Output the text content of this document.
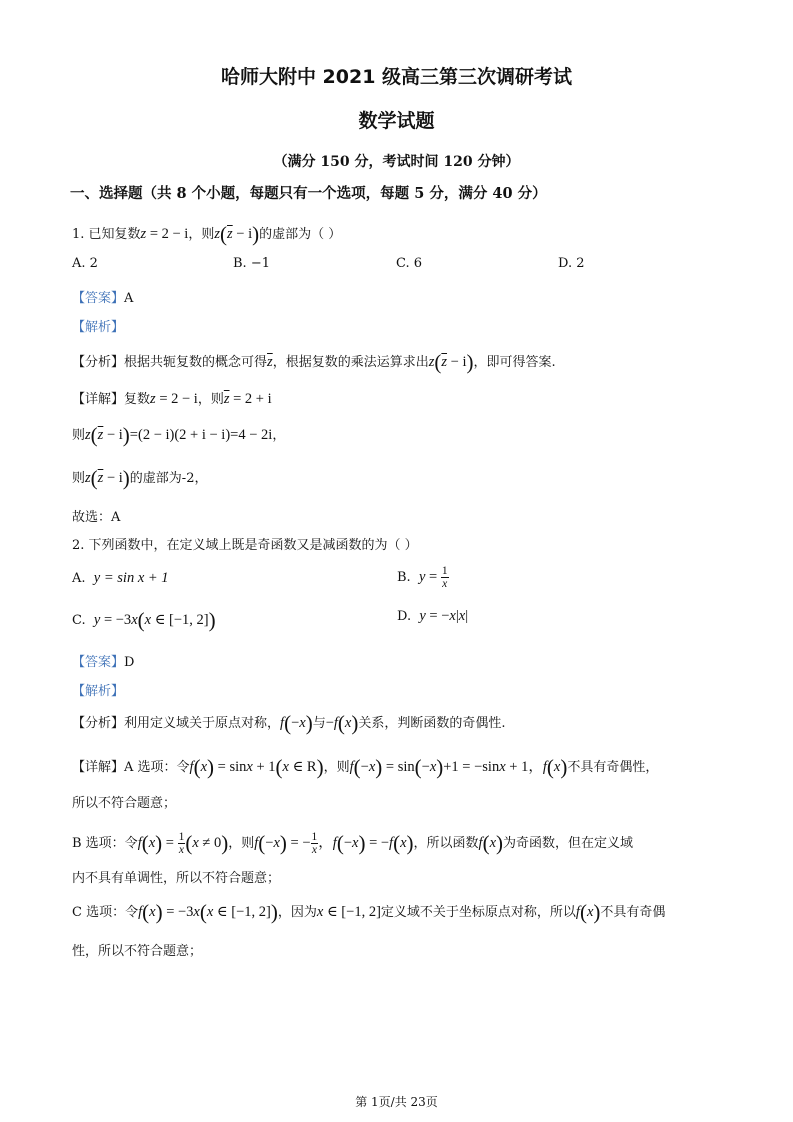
哈师大附中 2021 级高三第三次调研考试
数学试题
（满分 150 分，考试时间 120 分钟）
一、选择题（共 8 个小题，每题只有一个选项，每题 5 分，满分 40 分）
1. 已知复数z = 2 − i，则$z(\overline{z} - i)$的虚部为（ ）
A. 2	B. −1	C. 6	D. 2
【答案】A
【解析】
【分析】根据共轭复数的概念可得$\overline{z}$，根据复数的乘法运算求出$z(\overline{z} - i)$，即可得答案.
【详解】复数z = 2 − i，则$\overline{z} = 2 + i$
则$z(\overline{z} - i)=(2 - i)(2 + i - i)=4 - 2i$，
则$z(\overline{z} - i)$的虚部为-2，
故选：A
2. 下列函数中，在定义域上既是奇函数又是减函数的为（ ）
A. y = sin x + 1	B. $y = \frac{1}{x}$
C. y = −3x(x ∈ [−1, 2])	D. y = −x|x|
【答案】D
【解析】
【分析】利用定义域关于原点对称，f(−x)与−f(x)关系，判断函数的奇偶性.
【详解】A 选项：令f(x) = sinx + 1(x ∈ R)，则f(−x) = sin(−x)+1 = −sinx + 1，f(x)不具有奇偶性，
所以不符合题意；
B 选项：令$f(x) = \frac{1}{x} (x \ne 0)$，则f(−x) = − $\frac{1}{x}$ ，f(−x) = −f(x)，所以函数f(x)为奇函数，但在定义域
内不具有单调性，所以不符合题意；
C 选项：令f(x) = −3x(x ∈ [−1, 2])，因为x ∈ [−1, 2]定义域不关于坐标原点对称，所以f(x)不具有奇偶
性，所以不符合题意；
第 1页/共 23页
